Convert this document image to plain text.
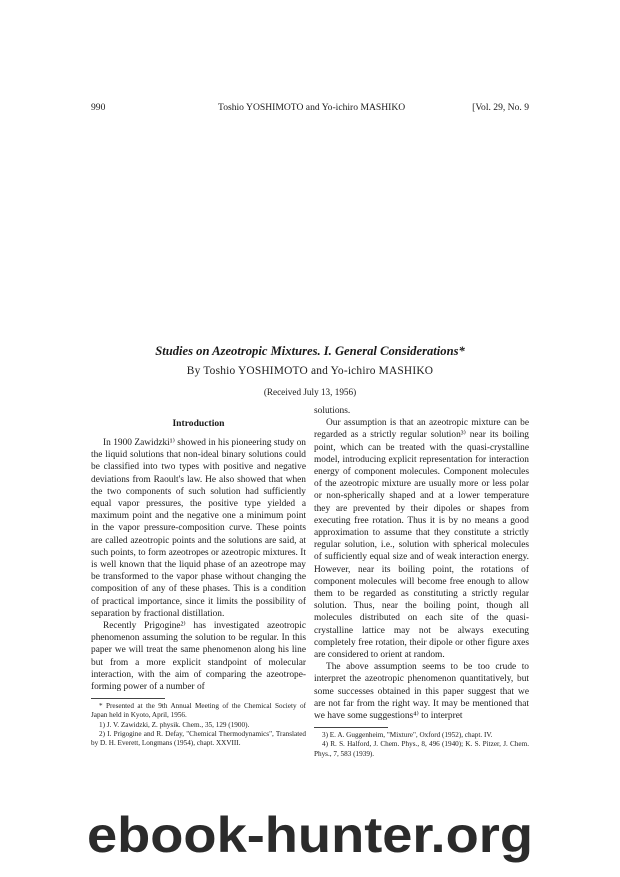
990	Toshio YOSHIMOTO and Yo-ichiro MASHIKO	[Vol. 29, No. 9
Studies on Azeotropic Mixtures. I. General Considerations*
By Toshio YOSHIMOTO and Yo-ichiro MASHIKO
(Received July 13, 1956)

Introduction

In 1900 Zawidzki¹⁾ showed in his pioneering study on the liquid solutions that non-ideal binary solutions could be classified into two types with positive and negative deviations from Raoult's law. He also showed that when the two components of such solution had sufficiently equal vapor pressures, the positive type yielded a maximum point and the negative one a minimum point in the vapor pressure-composition curve. These points are called azeotropic points and the solutions are said, at such points, to form azeotropes or azeotropic mixtures. It is well known that the liquid phase of an azeotrope may be transformed to the vapor phase without changing the composition of any of these phases. This is a condition of practical importance, since it limits the possibility of separation by fractional distillation.

Recently Prigogine²⁾ has investigated azeotropic phenomenon assuming the solution to be regular. In this paper we will treat the same phenomenon along his line but from a more explicit standpoint of molecular interaction, with the aim of comparing the azeotrope-forming power of a number of

* Presented at the 9th Annual Meeting of the Chemical Society of Japan held in Kyoto, April, 1956.

1) J. V. Zawidzki, Z. physik. Chem., 35, 129 (1900).

2) I. Prigogine and R. Defay, "Chemical Thermodynamics", Translated by D. H. Everett, Longmans (1954), chapt. XXVIII.

solutions.

Our assumption is that an azeotropic mixture can be regarded as a strictly regular solution³⁾ near its boiling point, which can be treated with the quasi-crystalline model, introducing explicit representation for interaction energy of component molecules. Component molecules of the azeotropic mixture are usually more or less polar or non-spherically shaped and at a lower temperature they are prevented by their dipoles or shapes from executing free rotation. Thus it is by no means a good approximation to assume that they constitute a strictly regular solution, i.e., solution with spherical molecules of sufficiently equal size and of weak interaction energy. However, near its boiling point, the rotations of component molecules will become free enough to allow them to be regarded as constituting a strictly regular solution. Thus, near the boiling point, though all molecules distributed on each site of the quasi-crystalline lattice may not be always executing completely free rotation, their dipole or other figure axes are considered to orient at random.

The above assumption seems to be too crude to interpret the azeotropic phenomenon quantitatively, but some successes obtained in this paper suggest that we are not far from the right way. It may be mentioned that we have some suggestions⁴⁾ to interpret

3) E. A. Guggenheim, "Mixture", Oxford (1952), chapt. IV.

4) R. S. Halford, J. Chem. Phys., 8, 496 (1940); K. S. Pitzer, J. Chem. Phys., 7, 583 (1939).

ebook-hunter.org
